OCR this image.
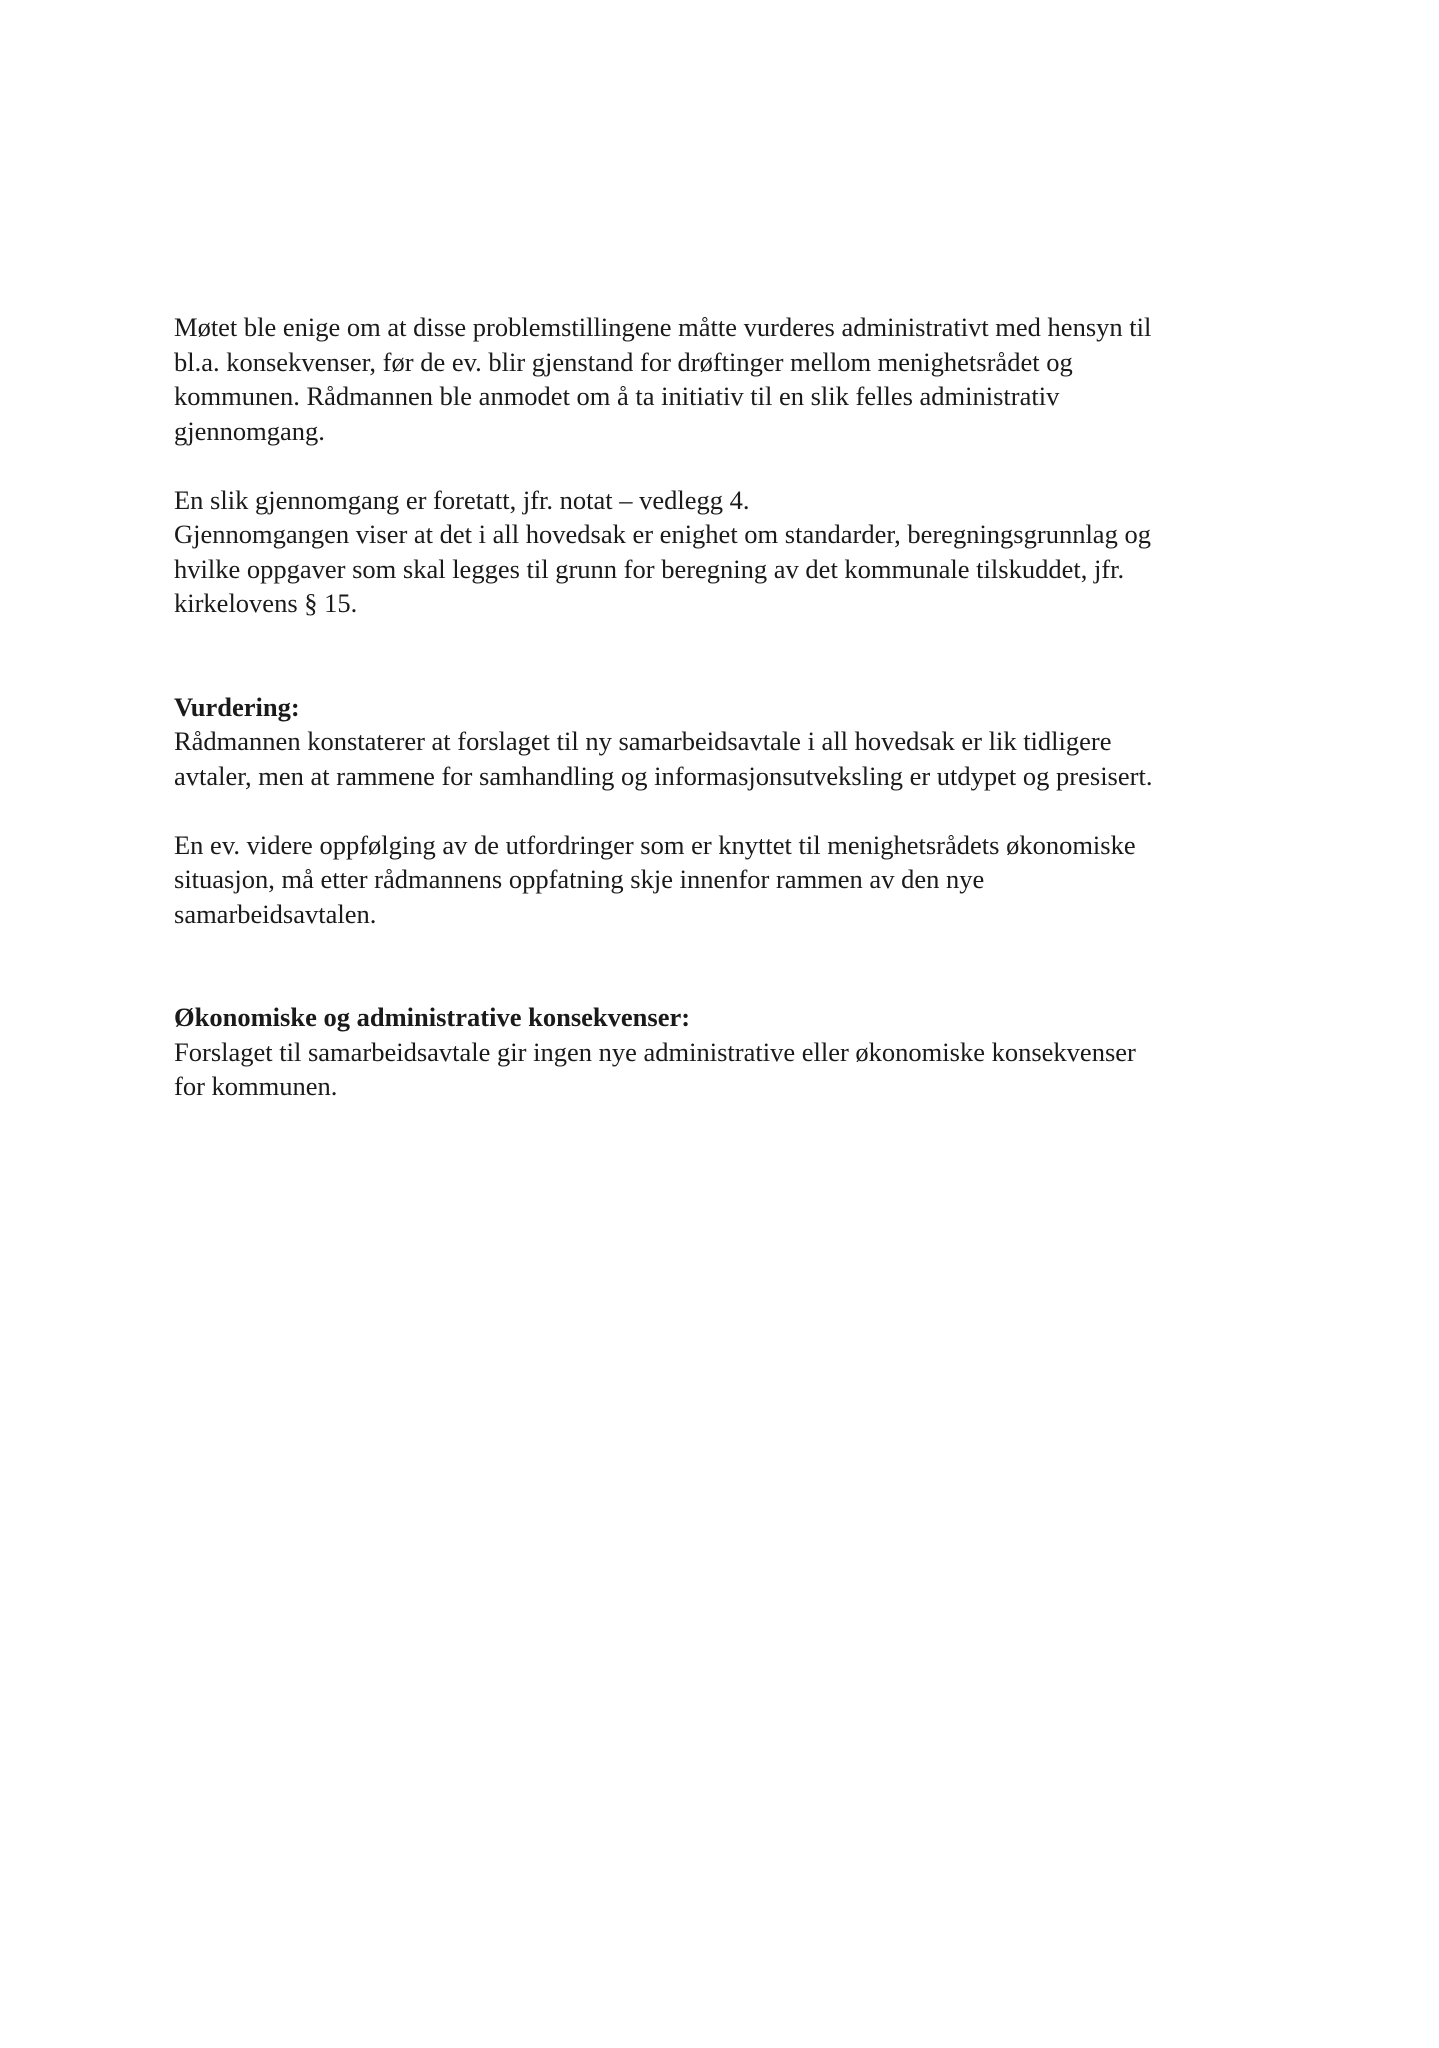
Møtet ble enige om at disse problemstillingene måtte vurderes administrativt med hensyn til
bl.a. konsekvenser, før de ev. blir gjenstand for drøftinger mellom menighetsrådet og
kommunen. Rådmannen ble anmodet om å ta initiativ til en slik felles administrativ
gjennomgang.

En slik gjennomgang er foretatt, jfr. notat – vedlegg 4.
Gjennomgangen viser at det i all hovedsak er enighet om standarder, beregningsgrunnlag og
hvilke oppgaver som skal legges til grunn for beregning av det kommunale tilskuddet, jfr.
kirkelovens § 15.

Vurdering:

Rådmannen konstaterer at forslaget til ny samarbeidsavtale i all hovedsak er lik tidligere
avtaler, men at rammene for samhandling og informasjonsutveksling er utdypet og presisert.

En ev. videre oppfølging av de utfordringer som er knyttet til menighetsrådets økonomiske
situasjon, må etter rådmannens oppfatning skje innenfor rammen av den nye
samarbeidsavtalen.

Økonomiske og administrative konsekvenser:

Forslaget til samarbeidsavtale gir ingen nye administrative eller økonomiske konsekvenser
for kommunen.
